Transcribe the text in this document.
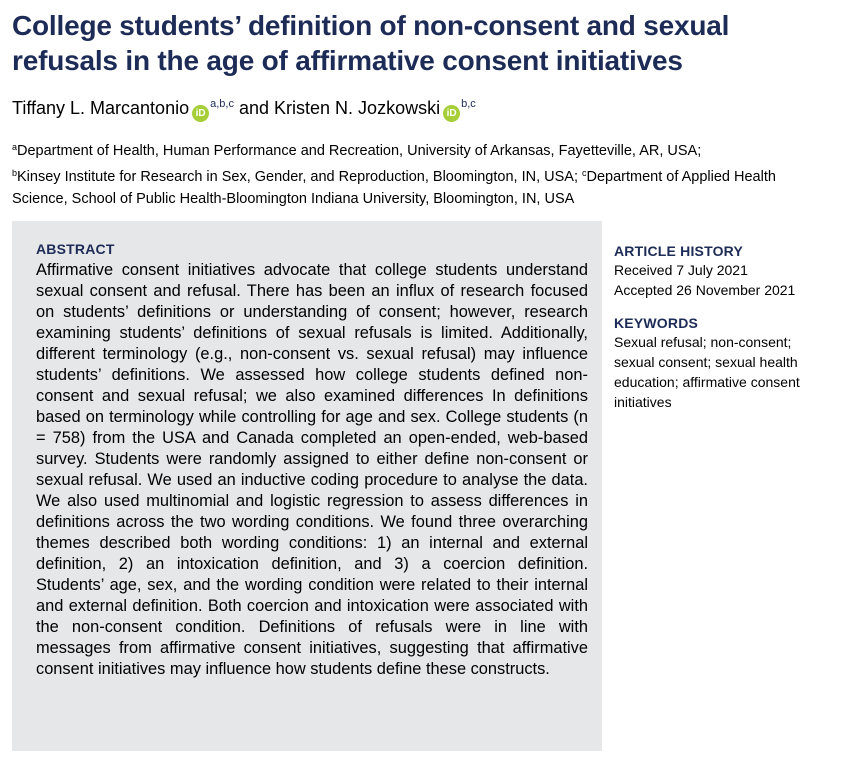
College students’ definition of non-consent and sexual refusals in the age of affirmative consent initiatives
Tiffany L. Marcantonio iD$^{a,b,c}$ and Kristen N. Jozkowski iD$^{b,c}$
$^a$Department of Health, Human Performance and Recreation, University of Arkansas, Fayetteville, AR, USA;
$^b$Kinsey Institute for Research in Sex, Gender, and Reproduction, Bloomington, IN, USA; $^c$Department of Applied Health Science, School of Public Health-Bloomington Indiana University, Bloomington, IN, USA
ABSTRACT

Affirmative consent initiatives advocate that college students understand sexual consent and refusal. There has been an influx of research focused on students’ definitions or understanding of consent; however, research examining students’ definitions of sexual refusals is limited. Additionally, different terminology (e.g., non-consent vs. sexual refusal) may influence students’ definitions. We assessed how college students defined non-consent and sexual refusal; we also examined differences In definitions based on terminology while controlling for age and sex. College students (n = 758) from the USA and Canada completed an open-ended, web-based survey. Students were randomly assigned to either define non-consent or sexual refusal. We used an inductive coding procedure to analyse the data. We also used multinomial and logistic regression to assess differences in definitions across the two wording conditions. We found three overarching themes described both wording conditions: 1) an internal and external definition, 2) an intoxication definition, and 3) a coercion definition. Students’ age, sex, and the wording condition were related to their internal and external definition. Both coercion and intoxication were associated with the non-consent condition. Definitions of refusals were in line with messages from affirmative consent initiatives, suggesting that affirmative consent initiatives may influence how students define these constructs.

ARTICLE HISTORY
Received 7 July 2021
Accepted 26 November 2021
KEYWORDS
Sexual refusal; non-consent; sexual consent; sexual health education; affirmative consent initiatives
